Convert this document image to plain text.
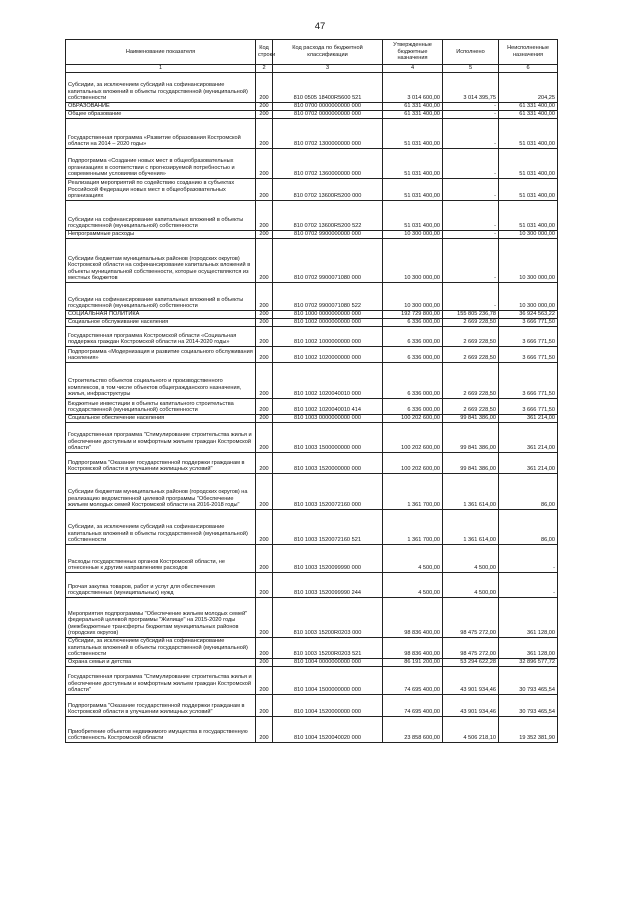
47
Наименование показателя	Код строки	Код расхода по бюджетной классификации	Утвержденные бюджетные назначения	Исполнено	Неисполненные назначения
1	2	3	4	5	6
Субсидии, за исключением субсидий на софинансирование капитальных вложений в объекты государственной (муниципальной) собственности	200	810 0505 18400R5600 521	3 014 600,00	3 014 395,75	204,25
ОБРАЗОВАНИЕ	200	810 0700 0000000000 000	61 331 400,00	-	61 331 400,00
Общее образование	200	810 0702 0000000000 000	61 331 400,00	-	61 331 400,00
Государственная программа «Развитие образования Костромской области на 2014 – 2020 годы»	200	810 0702 1300000000 000	51 031 400,00	-	51 031 400,00
Подпрограмма «Создание новых мест в общеобразовательных организациях в соответствии с прогнозируемой потребностью и современными условиями обучения»	200	810 0702 1360000000 000	51 031 400,00	-	51 031 400,00
Реализация мероприятий по содействию созданию в субъектах Российской Федерации новых мест в общеобразовательных организациях	200	810 0702 13600R5200 000	51 031 400,00	-	51 031 400,00
Субсидии на софинансирование капитальных вложений в объекты государственной (муниципальной) собственности	200	810 0702 13600R5200 522	51 031 400,00	-	51 031 400,00
Непрограммные расходы	200	810 0702 9900000000 000	10 300 000,00	-	10 300 000,00
Субсидии бюджетам муниципальных районов (городских округов) Костромской области на софинансирование капитальных вложений в объекты муниципальной собственности, которые осуществляются из местных бюджетов	200	810 0702 9900071080 000	10 300 000,00	-	10 300 000,00
Субсидии на софинансирование капитальных вложений в объекты государственной (муниципальной) собственности	200	810 0702 9900071080 522	10 300 000,00	-	10 300 000,00
СОЦИАЛЬНАЯ ПОЛИТИКА	200	810 1000 0000000000 000	192 729 800,00	155 805 236,78	36 924 563,22
Социальное обслуживание населения	200	810 1002 0000000000 000	6 336 000,00	2 669 228,50	3 666 771,50
Государственная программа Костромской области «Социальная поддержка граждан Костромской области на 2014-2020 годы»	200	810 1002 1000000000 000	6 336 000,00	2 669 228,50	3 666 771,50
Подпрограмма «Модернизация и развитие социального обслуживания населения»	200	810 1002 1020000000 000	6 336 000,00	2 669 228,50	3 666 771,50
Строительство объектов социального и производственного комплексов, в том числе объектов общегражданского назначения, жилья, инфраструктуры	200	810 1002 1020040010 000	6 336 000,00	2 669 228,50	3 666 771,50
Бюджетные инвестиции в объекты капитального строительства государственной (муниципальной) собственности	200	810 1002 1020040010 414	6 336 000,00	2 669 228,50	3 666 771,50
Социальное обеспечение населения	200	810 1003 0000000000 000	100 202 600,00	99 841 386,00	361 214,00
Государственная программа "Стимулирование строительства жилья и обеспечение доступным и комфортным жильем граждан Костромской области"	200	810 1003 1500000000 000	100 202 600,00	99 841 386,00	361 214,00
Подпрограмма "Оказание государственной поддержки гражданам в Костромской области в улучшении жилищных условий"	200	810 1003 1520000000 000	100 202 600,00	99 841 386,00	361 214,00
Субсидии бюджетам муниципальных районов (городских округов) на реализацию ведомственной целевой программы "Обеспечение жильем молодых семей Костромской области на 2016-2018 годы"	200	810 1003 1520072160 000	1 361 700,00	1 361 614,00	86,00
Субсидии, за исключением субсидий на софинансирование капитальных вложений в объекты государственной (муниципальной) собственности	200	810 1003 1520072160 521	1 361 700,00	1 361 614,00	86,00
Расходы государственных органов Костромской области, не отнесенные к другим направлениям расходов	200	810 1003 1520099990 000	4 500,00	4 500,00	-
Прочая закупка товаров, работ и услуг для обеспечения государственных (муниципальных) нужд	200	810 1003 1520099990 244	4 500,00	4 500,00	-
Мероприятия подпрограммы "Обеспечение жильем молодых семей" федеральной целевой программы "Жилище" на 2015-2020 годы (межбюджетные трансферты бюджетам муниципальных районов (городских округов)	200	810 1003 15200R0203 000	98 836 400,00	98 475 272,00	361 128,00
Субсидии, за исключением субсидий на софинансирование капитальных вложений в объекты государственной (муниципальной) собственности	200	810 1003 15200R0203 521	98 836 400,00	98 475 272,00	361 128,00
Охрана семьи и детства	200	810 1004 0000000000 000	86 191 200,00	53 294 622,28	32 896 577,72
Государственная программа "Стимулирование строительства жилья и обеспечение доступным и комфортным жильем граждан Костромской области"	200	810 1004 1500000000 000	74 695 400,00	43 901 934,46	30 793 465,54
Подпрограмма "Оказание государственной поддержки гражданам в Костромской области в улучшении жилищных условий"	200	810 1004 1520000000 000	74 695 400,00	43 901 934,46	30 793 465,54
Приобретение объектов недвижимого имущества в государственную собственность Костромской области	200	810 1004 1520040020 000	23 858 600,00	4 506 218,10	19 352 381,90
